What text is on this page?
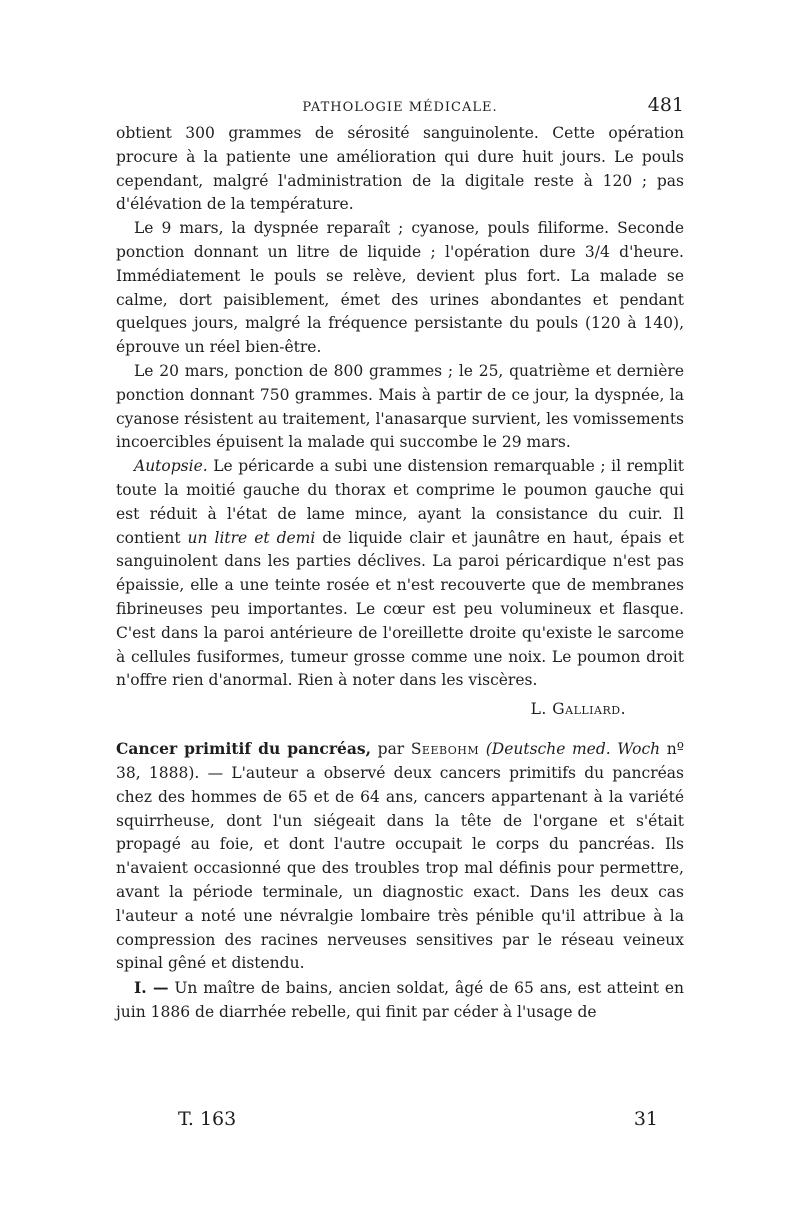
PATHOLOGIE MÉDICALE.	481

obtient 300 grammes de sérosité sanguinolente. Cette opération procure à la patiente une amélioration qui dure huit jours. Le pouls cependant, malgré l'administration de la digitale reste à 120 ; pas d'élévation de la température.

Le 9 mars, la dyspnée reparaît ; cyanose, pouls filiforme. Seconde ponction donnant un litre de liquide ; l'opération dure 3/4 d'heure. Immédiatement le pouls se relève, devient plus fort. La malade se calme, dort paisiblement, émet des urines abondantes et pendant quelques jours, malgré la fréquence persistante du pouls (120 à 140), éprouve un réel bien-être.

Le 20 mars, ponction de 800 grammes ; le 25, quatrième et dernière ponction donnant 750 grammes. Mais à partir de ce jour, la dyspnée, la cyanose résistent au traitement, l'anasarque survient, les vomissements incoercibles épuisent la malade qui succombe le 29 mars.

Autopsie. Le péricarde a subi une distension remarquable ; il remplit toute la moitié gauche du thorax et comprime le poumon gauche qui est réduit à l'état de lame mince, ayant la consistance du cuir. Il contient un litre et demi de liquide clair et jaunâtre en haut, épais et sanguinolent dans les parties déclives. La paroi péricardique n'est pas épaissie, elle a une teinte rosée et n'est recouverte que de membranes fibrineuses peu importantes. Le cœur est peu volumineux et flasque. C'est dans la paroi antérieure de l'oreillette droite qu'existe le sarcome à cellules fusiformes, tumeur grosse comme une noix. Le poumon droit n'offre rien d'anormal. Rien à noter dans les viscères.

L. Galliard.

Cancer primitif du pancréas, par Seebohm (Deutsche med. Woch nº 38, 1888). — L'auteur a observé deux cancers primitifs du pancréas chez des hommes de 65 et de 64 ans, cancers appartenant à la variété squirrheuse, dont l'un siégeait dans la tête de l'organe et s'était propagé au foie, et dont l'autre occupait le corps du pancréas. Ils n'avaient occasionné que des troubles trop mal définis pour permettre, avant la période terminale, un diagnostic exact. Dans les deux cas l'auteur a noté une névralgie lombaire très pénible qu'il attribue à la compression des racines nerveuses sensitives par le réseau veineux spinal gêné et distendu.

I. — Un maître de bains, ancien soldat, âgé de 65 ans, est atteint en juin 1886 de diarrhée rebelle, qui finit par céder à l'usage de

T. 163	31
